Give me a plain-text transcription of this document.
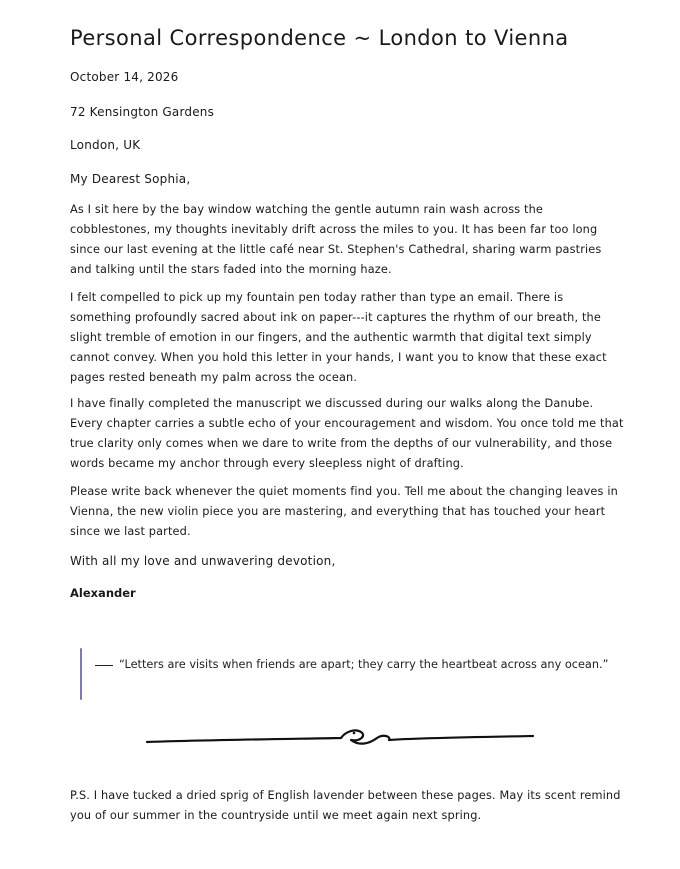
Personal Correspondence ~ London to Vienna

October 14, 2026

72 Kensington Gardens

London, UK

My Dearest Sophia,

As I sit here by the bay window watching the gentle autumn rain wash across the cobblestones, my thoughts inevitably drift across the miles to you. It has been far too long since our last evening at the little café near St. Stephen's Cathedral, sharing warm pastries and talking until the stars faded into the morning haze.

I felt compelled to pick up my fountain pen today rather than type an email. There is something profoundly sacred about ink on paper---it captures the rhythm of our breath, the slight tremble of emotion in our fingers, and the authentic warmth that digital text simply cannot convey. When you hold this letter in your hands, I want you to know that these exact pages rested beneath my palm across the ocean.

I have finally completed the manuscript we discussed during our walks along the Danube. Every chapter carries a subtle echo of your encouragement and wisdom. You once told me that true clarity only comes when we dare to write from the depths of our vulnerability, and those words became my anchor through every sleepless night of drafting.

Please write back whenever the quiet moments find you. Tell me about the changing leaves in Vienna, the new violin piece you are mastering, and everything that has touched your heart since we last parted.

With all my love and unwavering devotion,

Alexander

“Letters are visits when friends are apart; they carry the heartbeat across any ocean.”

P.S. I have tucked a dried sprig of English lavender between these pages. May its scent remind you of our summer in the countryside until we meet again next spring.
